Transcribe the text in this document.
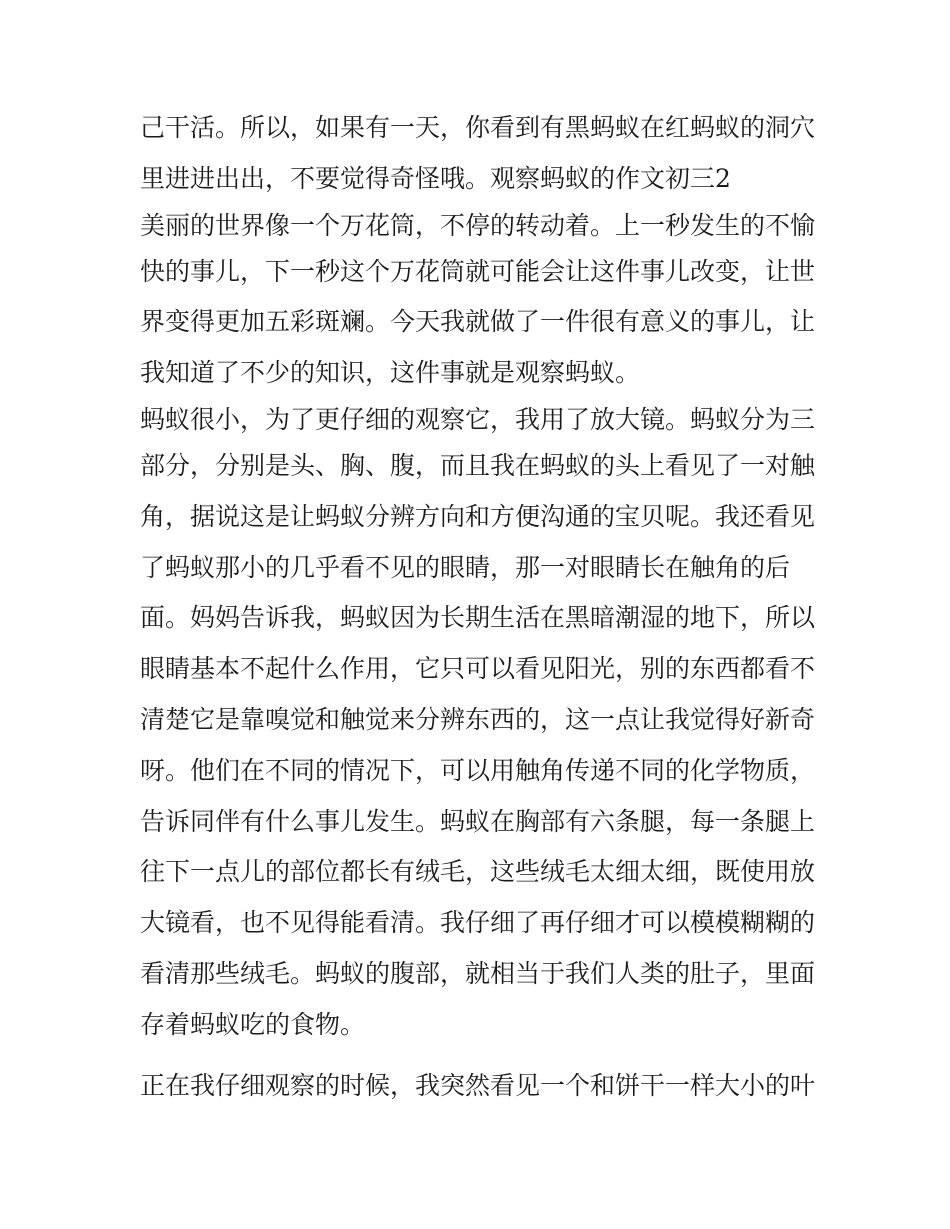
己干活。所以，如果有一天，你看到有黑蚂蚁在红蚂蚁的洞穴
里进进出出，不要觉得奇怪哦。观察蚂蚁的作文初三2
美丽的世界像一个万花筒，不停的转动着。上一秒发生的不愉
快的事儿，下一秒这个万花筒就可能会让这件事儿改变，让世
界变得更加五彩斑斓。今天我就做了一件很有意义的事儿，让
我知道了不少的知识，这件事就是观察蚂蚁。
蚂蚁很小，为了更仔细的观察它，我用了放大镜。蚂蚁分为三
部分，分别是头、胸、腹，而且我在蚂蚁的头上看见了一对触
角，据说这是让蚂蚁分辨方向和方便沟通的宝贝呢。我还看见
了蚂蚁那小的几乎看不见的眼睛，那一对眼睛长在触角的后
面。妈妈告诉我，蚂蚁因为长期生活在黑暗潮湿的地下，所以
眼睛基本不起什么作用，它只可以看见阳光，别的东西都看不
清楚它是靠嗅觉和触觉来分辨东西的，这一点让我觉得好新奇
呀。他们在不同的情况下，可以用触角传递不同的化学物质，
告诉同伴有什么事儿发生。蚂蚁在胸部有六条腿，每一条腿上
往下一点儿的部位都长有绒毛，这些绒毛太细太细，既使用放
大镜看，也不见得能看清。我仔细了再仔细才可以模模糊糊的
看清那些绒毛。蚂蚁的腹部，就相当于我们人类的肚子，里面
存着蚂蚁吃的食物。
正在我仔细观察的时候，我突然看见一个和饼干一样大小的叶
